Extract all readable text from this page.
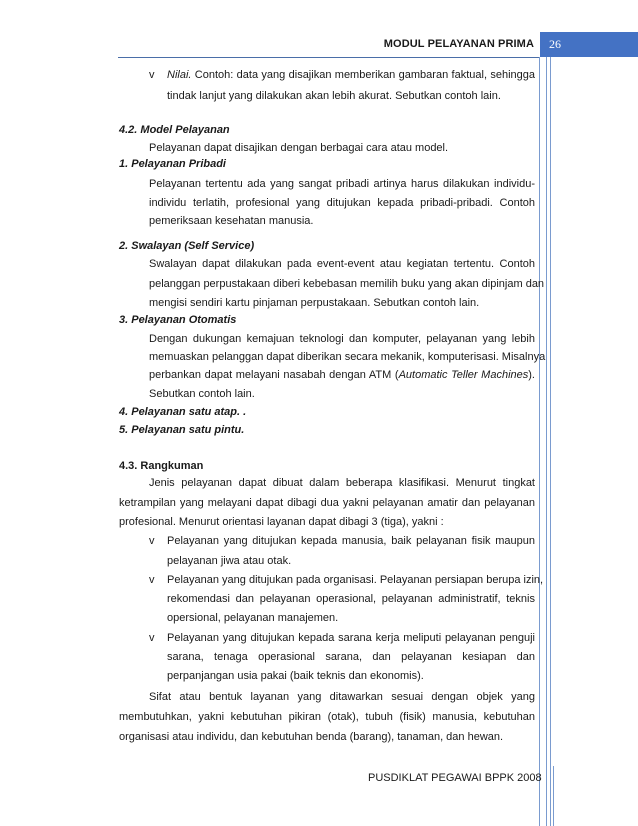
MODUL PELAYANAN PRIMA	26
v Nilai. Contoh: data yang disajikan memberikan gambaran faktual, sehingga
tindak lanjut yang dilakukan akan lebih akurat. Sebutkan contoh lain.
4.2. Model Pelayanan
Pelayanan dapat disajikan dengan berbagai cara atau model.
1. Pelayanan Pribadi
Pelayanan tertentu ada yang sangat pribadi artinya harus dilakukan individu-
individu terlatih, profesional yang ditujukan kepada pribadi-pribadi. Contoh
pemeriksaan kesehatan manusia.
2. Swalayan (Self Service)
Swalayan dapat dilakukan pada event-event atau kegiatan tertentu. Contoh
pelanggan perpustakaan diberi kebebasan memilih buku yang akan dipinjam dan
mengisi sendiri kartu pinjaman perpustakaan. Sebutkan contoh lain.
3. Pelayanan Otomatis
Dengan dukungan kemajuan teknologi dan komputer, pelayanan yang lebih
memuaskan pelanggan dapat diberikan secara mekanik, komputerisasi. Misalnya
perbankan dapat melayani nasabah dengan ATM (Automatic Teller Machines).
Sebutkan contoh lain.
4. Pelayanan satu atap. .
5. Pelayanan satu pintu.
4.3. Rangkuman
Jenis pelayanan dapat dibuat dalam beberapa klasifikasi. Menurut tingkat
ketrampilan yang melayani dapat dibagi dua yakni pelayanan amatir dan pelayanan
profesional. Menurut orientasi layanan dapat dibagi 3 (tiga), yakni :
v Pelayanan yang ditujukan kepada manusia, baik pelayanan fisik maupun
pelayanan jiwa atau otak.
v Pelayanan yang ditujukan pada organisasi. Pelayanan persiapan berupa izin,
rekomendasi dan pelayanan operasional, pelayanan administratif, teknis
opersional, pelayanan manajemen.
v Pelayanan yang ditujukan kepada sarana kerja meliputi pelayanan penguji
sarana, tenaga operasional sarana, dan pelayanan kesiapan dan
perpanjangan usia pakai (baik teknis dan ekonomis).
Sifat atau bentuk layanan yang ditawarkan sesuai dengan objek yang
membutuhkan, yakni kebutuhan pikiran (otak), tubuh (fisik) manusia, kebutuhan
organisasi atau individu, dan kebutuhan benda (barang), tanaman, dan hewan.
PUSDIKLAT PEGAWAI BPPK 2008
